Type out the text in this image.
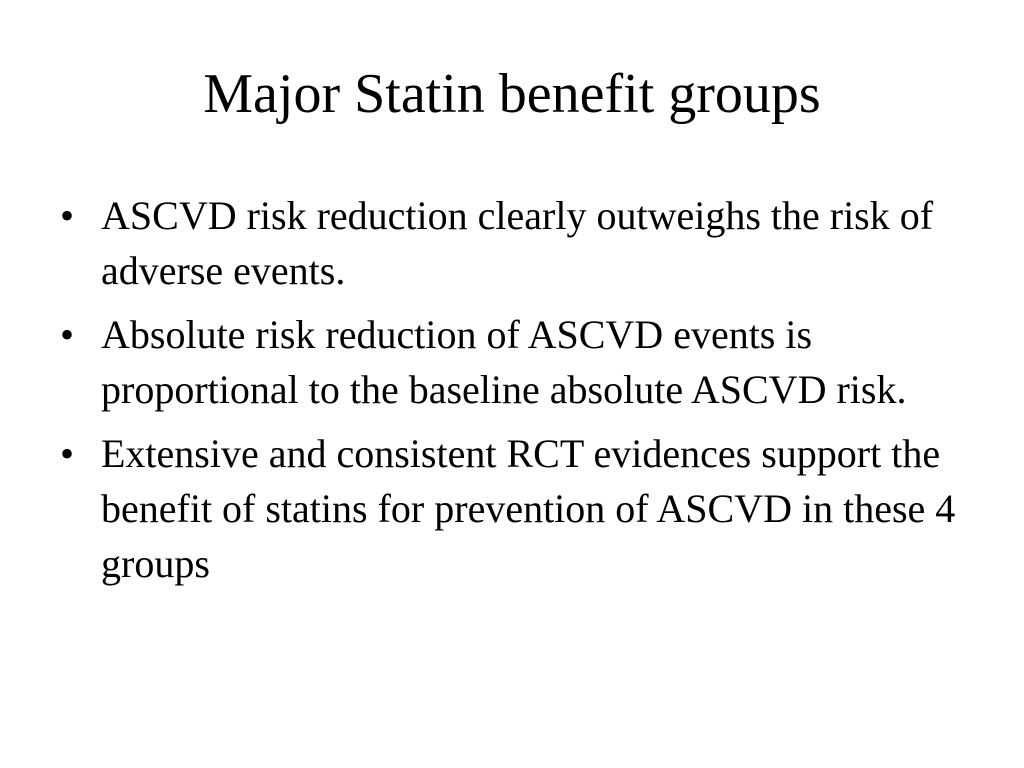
Major Statin benefit groups
• ASCVD risk reduction clearly outweighs the risk of adverse events.
• Absolute risk reduction of ASCVD events is proportional to the baseline absolute ASCVD risk.
• Extensive and consistent RCT evidences support the benefit of statins for prevention of ASCVD in these 4 groups
